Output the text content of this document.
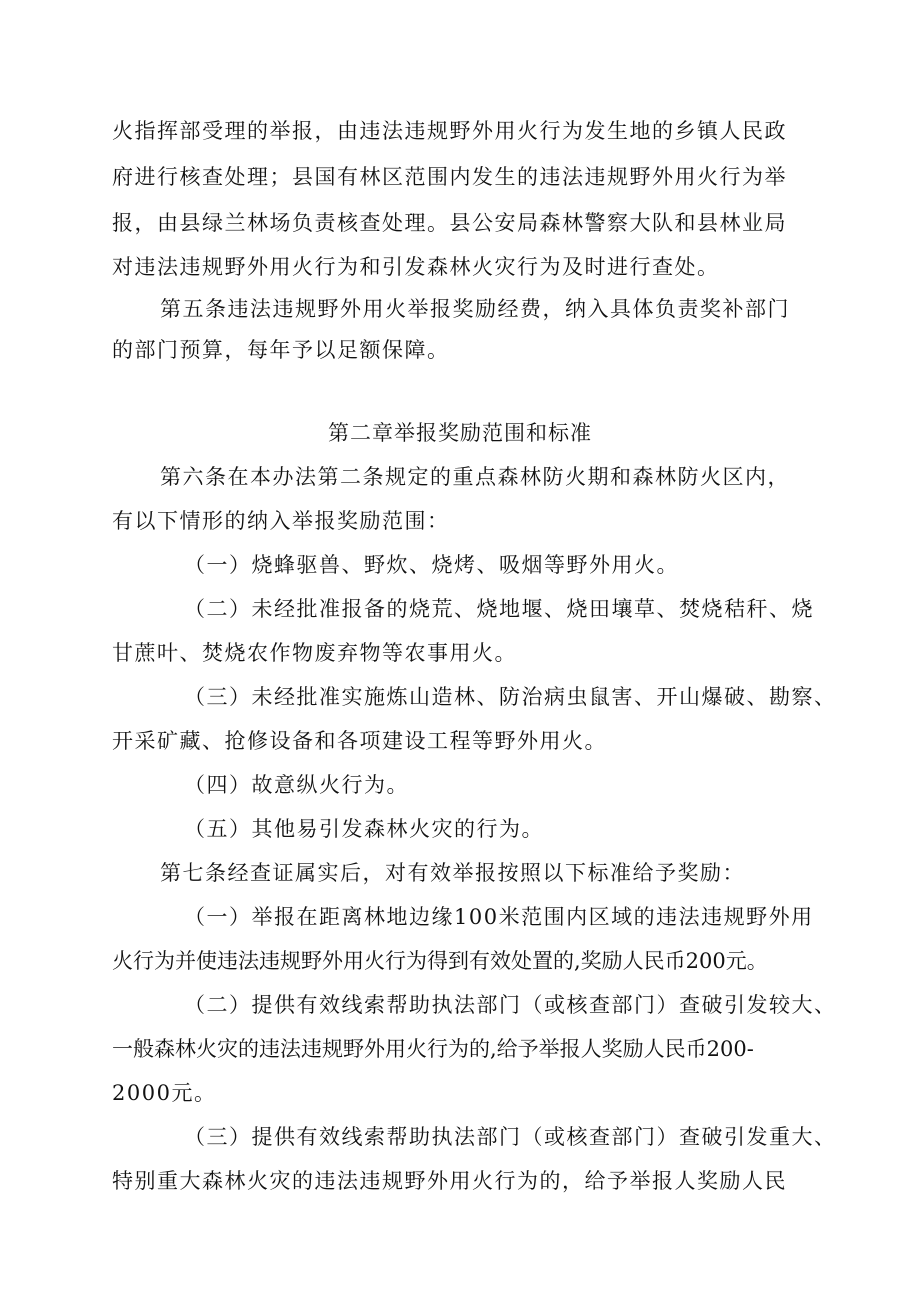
火指挥部受理的举报，由违法违规野外用火行为发生地的乡镇人民政
府进行核查处理；县国有林区范围内发生的违法违规野外用火行为举
报，由县绿兰林场负责核查处理。县公安局森林警察大队和县林业局
对违法违规野外用火行为和引发森林火灾行为及时进行查处。
第五条违法违规野外用火举报奖励经费，纳入具体负责奖补部门
的部门预算，每年予以足额保障。
第二章举报奖励范围和标准
第六条在本办法第二条规定的重点森林防火期和森林防火区内，
有以下情形的纳入举报奖励范围：
（一）烧蜂驱兽、野炊、烧烤、吸烟等野外用火。
（二）未经批准报备的烧荒、烧地堰、烧田壤草、焚烧秸秆、烧
甘蔗叶、焚烧农作物废弃物等农事用火。
（三）未经批准实施炼山造林、防治病虫鼠害、开山爆破、勘察、
开采矿藏、抢修设备和各项建设工程等野外用火。
（四）故意纵火行为。
（五）其他易引发森林火灾的行为。
第七条经查证属实后，对有效举报按照以下标准给予奖励：
（一）举报在距离林地边缘100米范围内区域的违法违规野外用
火行为并使违法违规野外用火行为得到有效处置的,奖励人民币200元。
（二）提供有效线索帮助执法部门（或核查部门）查破引发较大、
一般森林火灾的违法违规野外用火行为的,给予举报人奖励人民币200-
2000元。
（三）提供有效线索帮助执法部门（或核查部门）查破引发重大、
特别重大森林火灾的违法违规野外用火行为的，给予举报人奖励人民
